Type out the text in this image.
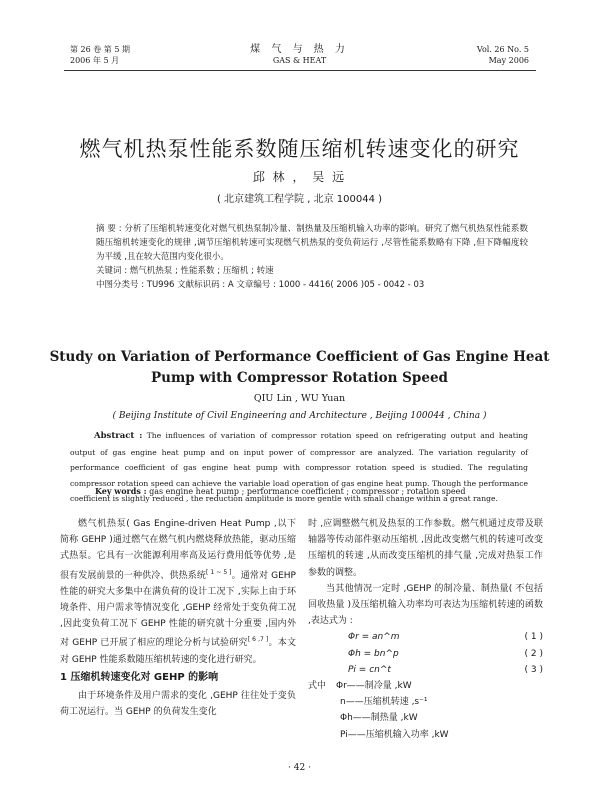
第 26 卷 第 5 期
2006 年 5 月
煤 气 与 热 力
GAS & HEAT
Vol. 26 No. 5
May 2006
燃气机热泵性能系数随压缩机转速变化的研究
邱 林 ， 吴 远
( 北京建筑工程学院 , 北京 100044 )
摘 要 : 分析了压缩机转速变化对燃气机热泵制冷量、制热量及压缩机输入功率的影响。研究了燃气机热泵性能系数随压缩机转速变化的规律 ,调节压缩机转速可实现燃气机热泵的变负荷运行 ,尽管性能系数略有下降 ,但下降幅度较为平缓 ,且在较大范围内变化很小。
关键词 : 燃气机热泵 ; 性能系数 ; 压缩机 ; 转速
中图分类号 : TU996 文献标识码 : A 文章编号 : 1000 - 4416( 2006 )05 - 0042 - 03
Study on Variation of Performance Coefficient of Gas Engine Heat
Pump with Compressor Rotation Speed
QIU Lin , WU Yuan
( Beijing Institute of Civil Engineering and Architecture , Beijing 100044 , China )
Abstract : The influences of variation of compressor rotation speed on refrigerating output and heating output of gas engine heat pump and on input power of compressor are analyzed. The variation regularity of performance coefficient of gas engine heat pump with compressor rotation speed is studied. The regulating compressor rotation speed can achieve the variable load operation of gas engine heat pump. Though the performance coefficient is slightly reduced , the reduction amplitude is more gentle with small change within a great range.
Key words : gas engine heat pump ; performance coefficient ; compressor ; rotation speed

燃气机热泵( Gas Engine-driven Heat Pump ,以下简称 GEHP )通过燃气在燃气机内燃烧释放热能，驱动压缩式热泵。它具有一次能源利用率高及运行费用低等优势 ,是很有发展前景的一种供冷、供热系统[ 1 ~ 5 ]。通常对 GEHP 性能的研究大多集中在满负荷的设计工况下 ,实际上由于环境条件、用户需求等情况变化 ,GEHP 经常处于变负荷工况 ,因此变负荷工况下 GEHP 性能的研究就十分重要 ,国内外对 GEHP 已开展了相应的理论分析与试验研究[ 6 ,7 ]。本文对 GEHP 性能系数随压缩机转速的变化进行研究。

1 压缩机转速变化对 GEHP 的影响

由于环境条件及用户需求的变化 ,GEHP 往往处于变负荷工况运行。当 GEHP 的负荷发生变化

时 ,应调整燃气机及热泵的工作参数。燃气机通过皮带及联轴器等传动部件驱动压缩机 ,因此改变燃气机的转速可改变压缩机的转速 ,从而改变压缩机的排气量 ,完成对热泵工作参数的调整。

当其他情况一定时 ,GEHP 的制冷量、制热量( 不包括回收热量 )及压缩机输入功率均可表达为压缩机转速的函数 ,表达式为 :

Φr = an^m	( 1 )
Φh = bn^p	( 2 )
Pi = cn^t	( 3 )
式中 Φr——制冷量 ,kW
n——压缩机转速 ,s⁻¹
Φh——制热量 ,kW
Pi——压缩机输入功率 ,kW
· 42 ·
